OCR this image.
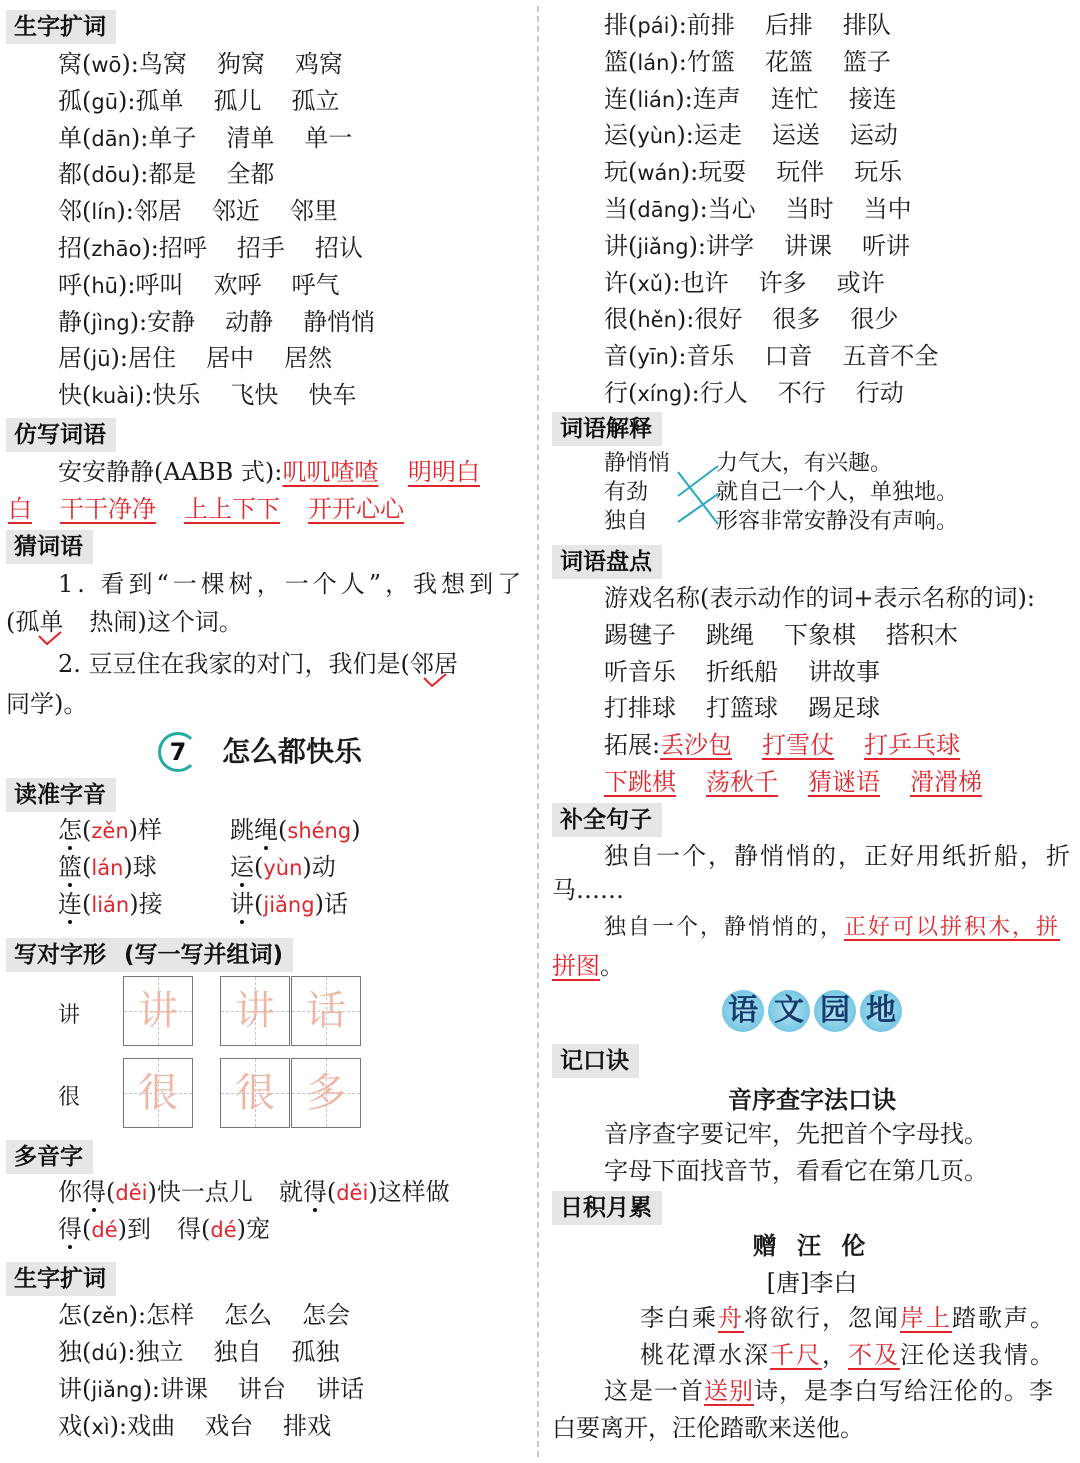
生字扩词
窝(wō):鸟窝 狗窝 鸡窝
孤(gū):孤单 孤儿 孤立
单(dān):单子 清单 单一
都(dōu):都是 全都
邻(lín):邻居 邻近 邻里
招(zhāo):招呼 招手 招认
呼(hū):呼叫 欢呼 呼气
静(jìng):安静 动静 静悄悄
居(jū):居住 居中 居然
快(kuài):快乐 飞快 快车
仿写词语
安安静静(AABB 式):叽叽喳喳 明明白
白 干干净净 上上下下 开开心心
猜词语
1. 看到“一棵树，一个人”，我想到了
(孤单 热闹)这个词。
2. 豆豆住在我家的对门，我们是(邻居
同学)。
7	怎么都快乐
读准字音
怎(zěn)样	跳绳(shéng)
篮(lán)球	运(yùn)动
连(lián)接	讲(jiǎng)话
写对字形 (写一写并组词)
讲	讲	讲 话
很	很	很 多
多音字
你得(děi)快一点儿 就得(děi)这样做
得(dé)到 得(dé)宠
生字扩词
怎(zěn):怎样 怎么 怎会
独(dú):独立 独自 孤独
讲(jiǎng):讲课 讲台 讲话
戏(xì):戏曲 戏台 排戏
排(pái):前排 后排 排队
篮(lán):竹篮 花篮 篮子
连(lián):连声 连忙 接连
运(yùn):运走 运送 运动
玩(wán):玩耍 玩伴 玩乐
当(dāng):当心 当时 当中
讲(jiǎng):讲学 讲课 听讲
许(xǔ):也许 许多 或许
很(hěn):很好 很多 很少
音(yīn):音乐 口音 五音不全
行(xíng):行人 不行 行动
词语解释
静悄悄
有劲
独自
力气大，有兴趣。
就自己一个人，单独地。
形容非常安静没有声响。
词语盘点
游戏名称(表示动作的词+表示名称的词):
踢毽子 跳绳 下象棋 搭积木
听音乐 折纸船 讲故事
打排球 打篮球 踢足球
拓展:丢沙包 打雪仗 打乒乓球
下跳棋 荡秋千 猜谜语 滑滑梯
补全句子
独自一个，静悄悄的，正好用纸折船，折
马……
独自一个，静悄悄的，正好可以拼积木，拼
拼图。
语 文 园 地
记口诀
音序查字法口诀
音序查字要记牢，先把首个字母找。
字母下面找音节，看看它在第几页。
日积月累
赠 汪 伦
[唐]李白
李白乘舟将欲行，忽闻岸上踏歌声。
桃花潭水深千尺，不及汪伦送我情。
这是一首送别诗，是李白写给汪伦的。李
白要离开，汪伦踏歌来送他。
